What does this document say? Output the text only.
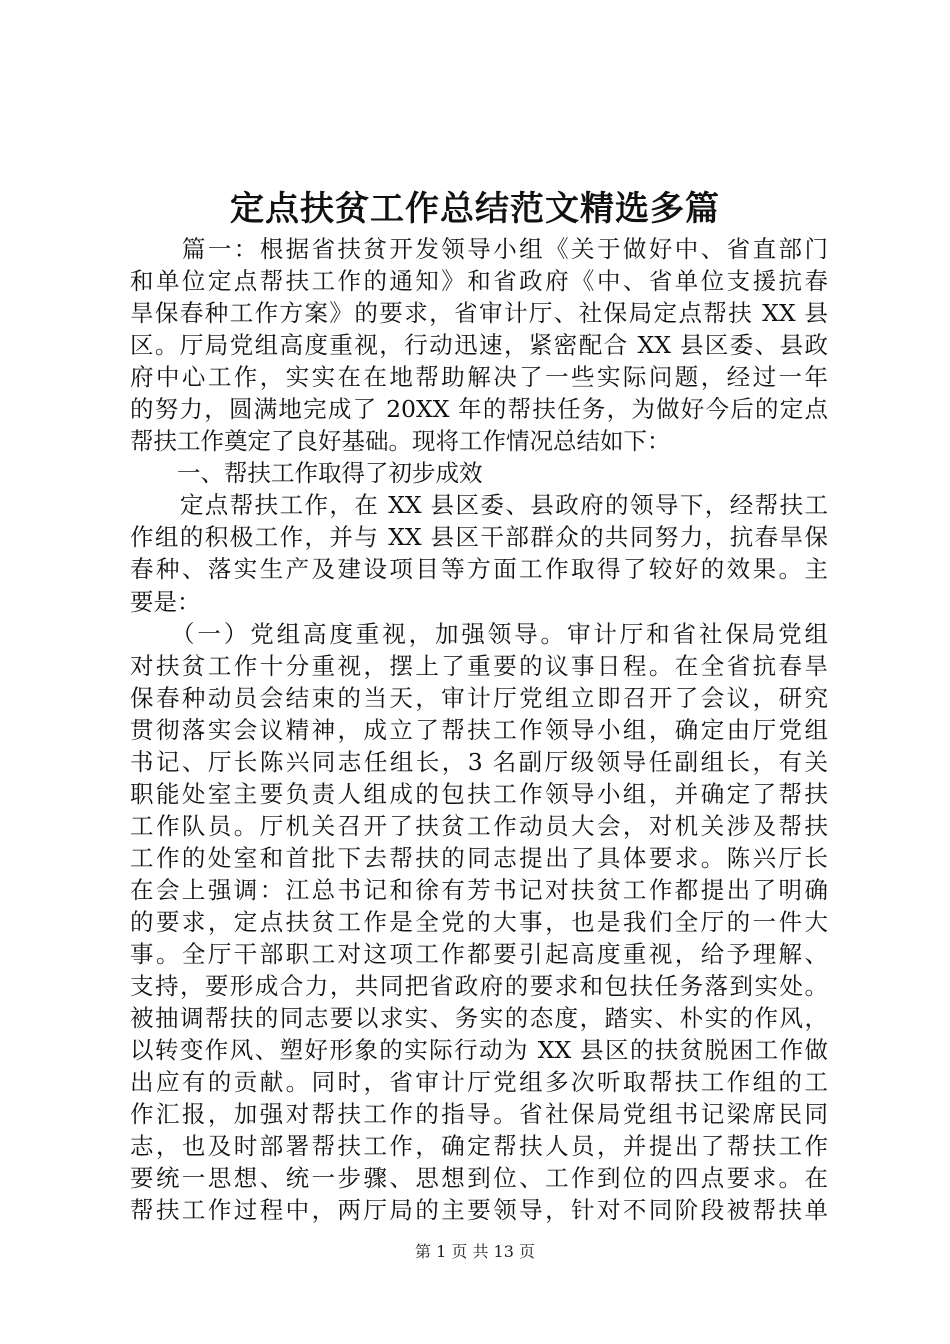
定点扶贫工作总结范文精选多篇
　　篇一：根据省扶贫开发领导小组《关于做好中、省直部门
和单位定点帮扶工作的通知》和省政府《中、省单位支援抗春
旱保春种工作方案》的要求，省审计厅、社保局定点帮扶 XX 县
区。厅局党组高度重视，行动迅速，紧密配合 XX 县区委、县政
府中心工作，实实在在地帮助解决了一些实际问题，经过一年
的努力，圆满地完成了 20XX 年的帮扶任务，为做好今后的定点
帮扶工作奠定了良好基础。现将工作情况总结如下：
　　一、帮扶工作取得了初步成效
　　定点帮扶工作，在 XX 县区委、县政府的领导下，经帮扶工
作组的积极工作，并与 XX 县区干部群众的共同努力，抗春旱保
春种、落实生产及建设项目等方面工作取得了较好的效果。主
要是：
　　（一）党组高度重视，加强领导。审计厅和省社保局党组
对扶贫工作十分重视，摆上了重要的议事日程。在全省抗春旱
保春种动员会结束的当天，审计厅党组立即召开了会议，研究
贯彻落实会议精神，成立了帮扶工作领导小组，确定由厅党组
书记、厅长陈兴同志任组长，3 名副厅级领导任副组长，有关
职能处室主要负责人组成的包扶工作领导小组，并确定了帮扶
工作队员。厅机关召开了扶贫工作动员大会，对机关涉及帮扶
工作的处室和首批下去帮扶的同志提出了具体要求。陈兴厅长
在会上强调：江总书记和徐有芳书记对扶贫工作都提出了明确
的要求，定点扶贫工作是全党的大事，也是我们全厅的一件大
事。全厅干部职工对这项工作都要引起高度重视，给予理解、
支持，要形成合力，共同把省政府的要求和包扶任务落到实处。
被抽调帮扶的同志要以求实、务实的态度，踏实、朴实的作风，
以转变作风、塑好形象的实际行动为 XX 县区的扶贫脱困工作做
出应有的贡献。同时，省审计厅党组多次听取帮扶工作组的工
作汇报，加强对帮扶工作的指导。省社保局党组书记梁席民同
志，也及时部署帮扶工作，确定帮扶人员，并提出了帮扶工作
要统一思想、统一步骤、思想到位、工作到位的四点要求。在
帮扶工作过程中，两厅局的主要领导，针对不同阶段被帮扶单
第 1 页 共 13 页
